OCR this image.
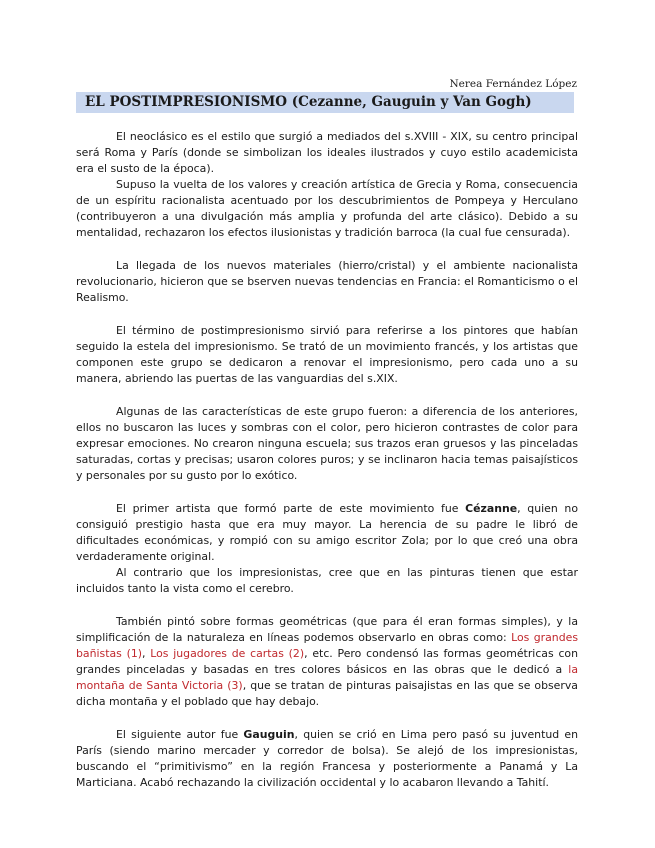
Nerea Fernández López
EL POSTIMPRESIONISMO (Cezanne, Gauguin y Van Gogh)

El neoclásico es el estilo que surgió a mediados del s.XVIII - XIX, su centro principal será Roma y París (donde se simbolizan los ideales ilustrados y cuyo estilo academicista era el susto de la época).

Supuso la vuelta de los valores y creación artística de Grecia y Roma, consecuencia de un espíritu racionalista acentuado por los descubrimientos de Pompeya y Herculano (contribuyeron a una divulgación más amplia y profunda del arte clásico). Debido a su mentalidad, rechazaron los efectos ilusionistas y tradición barroca (la cual fue censurada).

La llegada de los nuevos materiales (hierro/cristal) y el ambiente nacionalista revolucionario, hicieron que se bserven nuevas tendencias en Francia: el Romanticismo o el Realismo.

El término de postimpresionismo sirvió para referirse a los pintores que habían seguido la estela del impresionismo. Se trató de un movimiento francés, y los artistas que componen este grupo se dedicaron a renovar el impresionismo, pero cada uno a su manera, abriendo las puertas de las vanguardias del s.XIX.

Algunas de las características de este grupo fueron: a diferencia de los anteriores, ellos no buscaron las luces y sombras con el color, pero hicieron contrastes de color para expresar emociones. No crearon ninguna escuela; sus trazos eran gruesos y las pinceladas saturadas, cortas y precisas; usaron colores puros; y se inclinaron hacia temas paisajísticos y personales por su gusto por lo exótico.

El primer artista que formó parte de este movimiento fue Cézanne, quien no consiguió prestigio hasta que era muy mayor. La herencia de su padre le libró de dificultades económicas, y rompió con su amigo escritor Zola; por lo que creó una obra verdaderamente original.

Al contrario que los impresionistas, cree que en las pinturas tienen que estar incluidos tanto la vista como el cerebro.

También pintó sobre formas geométricas (que para él eran formas simples), y la simplificación de la naturaleza en líneas podemos observarlo en obras como: Los grandes bañistas (1), Los jugadores de cartas (2), etc. Pero condensó las formas geométricas con grandes pinceladas y basadas en tres colores básicos en las obras que le dedicó a la montaña de Santa Victoria (3), que se tratan de pinturas paisajistas en las que se observa dicha montaña y el poblado que hay debajo.

El siguiente autor fue Gauguin, quien se crió en Lima pero pasó su juventud en París (siendo marino mercader y corredor de bolsa). Se alejó de los impresionistas, buscando el “primitivismo” en la región Francesa y posteriormente a Panamá y La Marticiana. Acabó rechazando la civilización occidental y lo acabaron llevando a Tahití.
